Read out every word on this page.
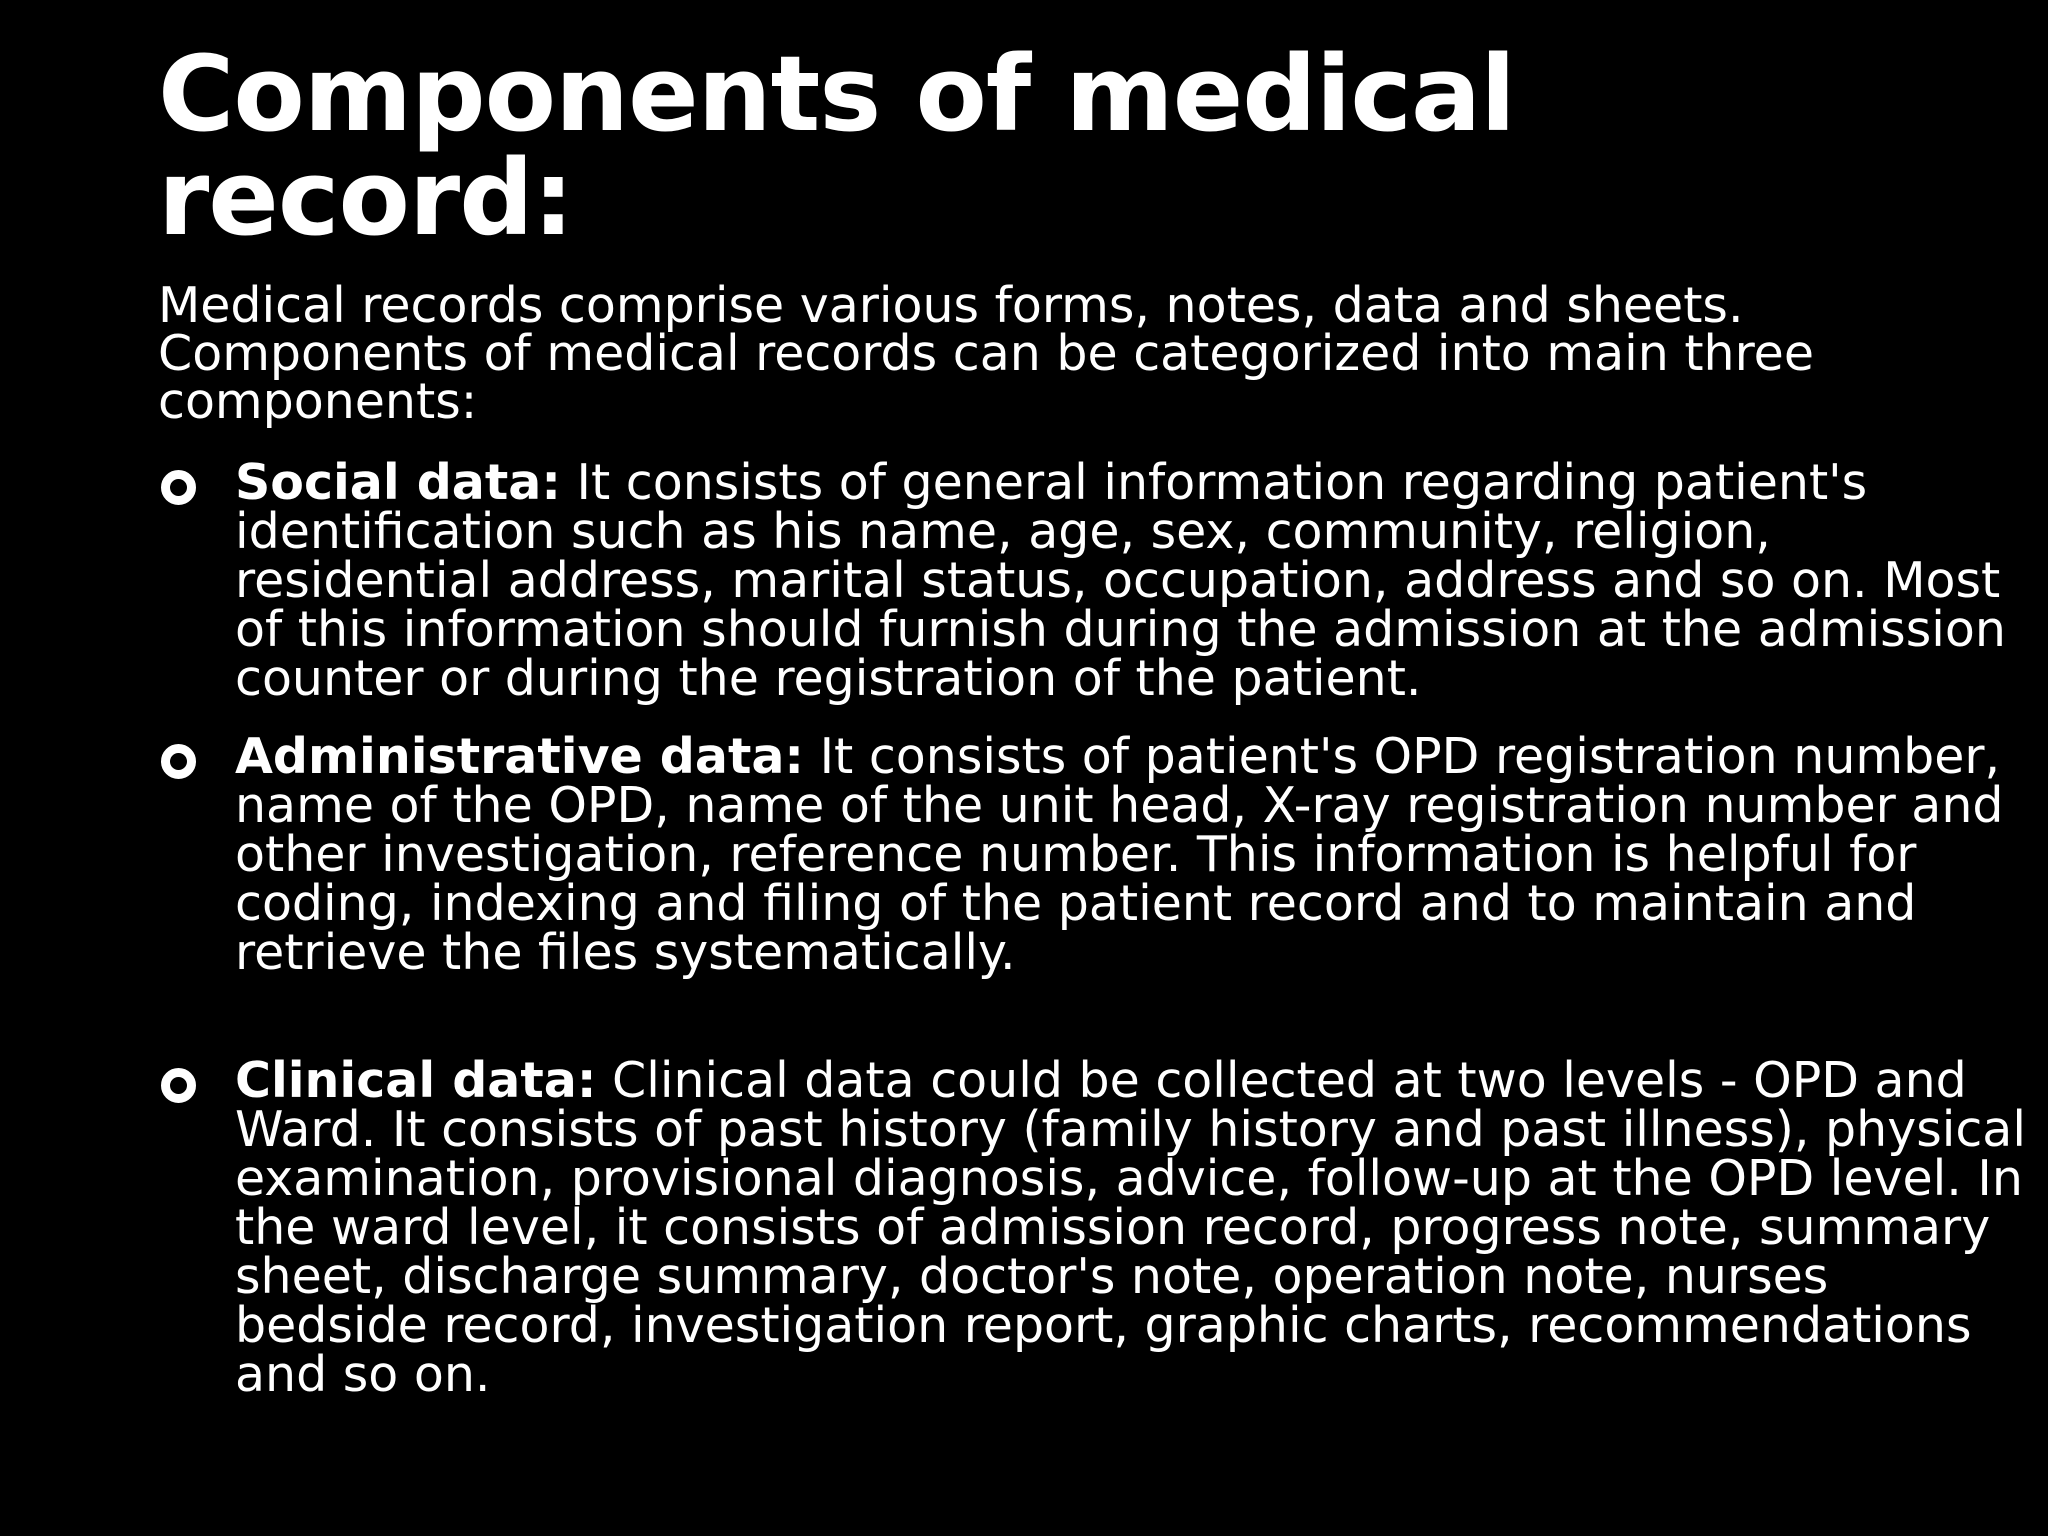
Components of medical record:

Medical records comprise various forms, notes, data and sheets. Components of medical records can be categorized into main three components:

Social data: It consists of general information regarding patient's identification such as his name, age, sex, community, religion, residential address, marital status, occupation, address and so on. Most of this information should furnish during the admission at the admission counter or during the registration of the patient.

Administrative data: It consists of patient's OPD registration number, name of the OPD, name of the unit head, X-ray registration number and other investigation, reference number. This information is helpful for coding, indexing and filing of the patient record and to maintain and retrieve the files systematically.

Clinical data: Clinical data could be collected at two levels - OPD and Ward. It consists of past history (family history and past illness), physical examination, provisional diagnosis, advice, follow-up at the OPD level. In the ward level, it consists of admission record, progress note, summary sheet, discharge summary, doctor's note, operation note, nurses bedside record, investigation report, graphic charts, recommendations and so on.
